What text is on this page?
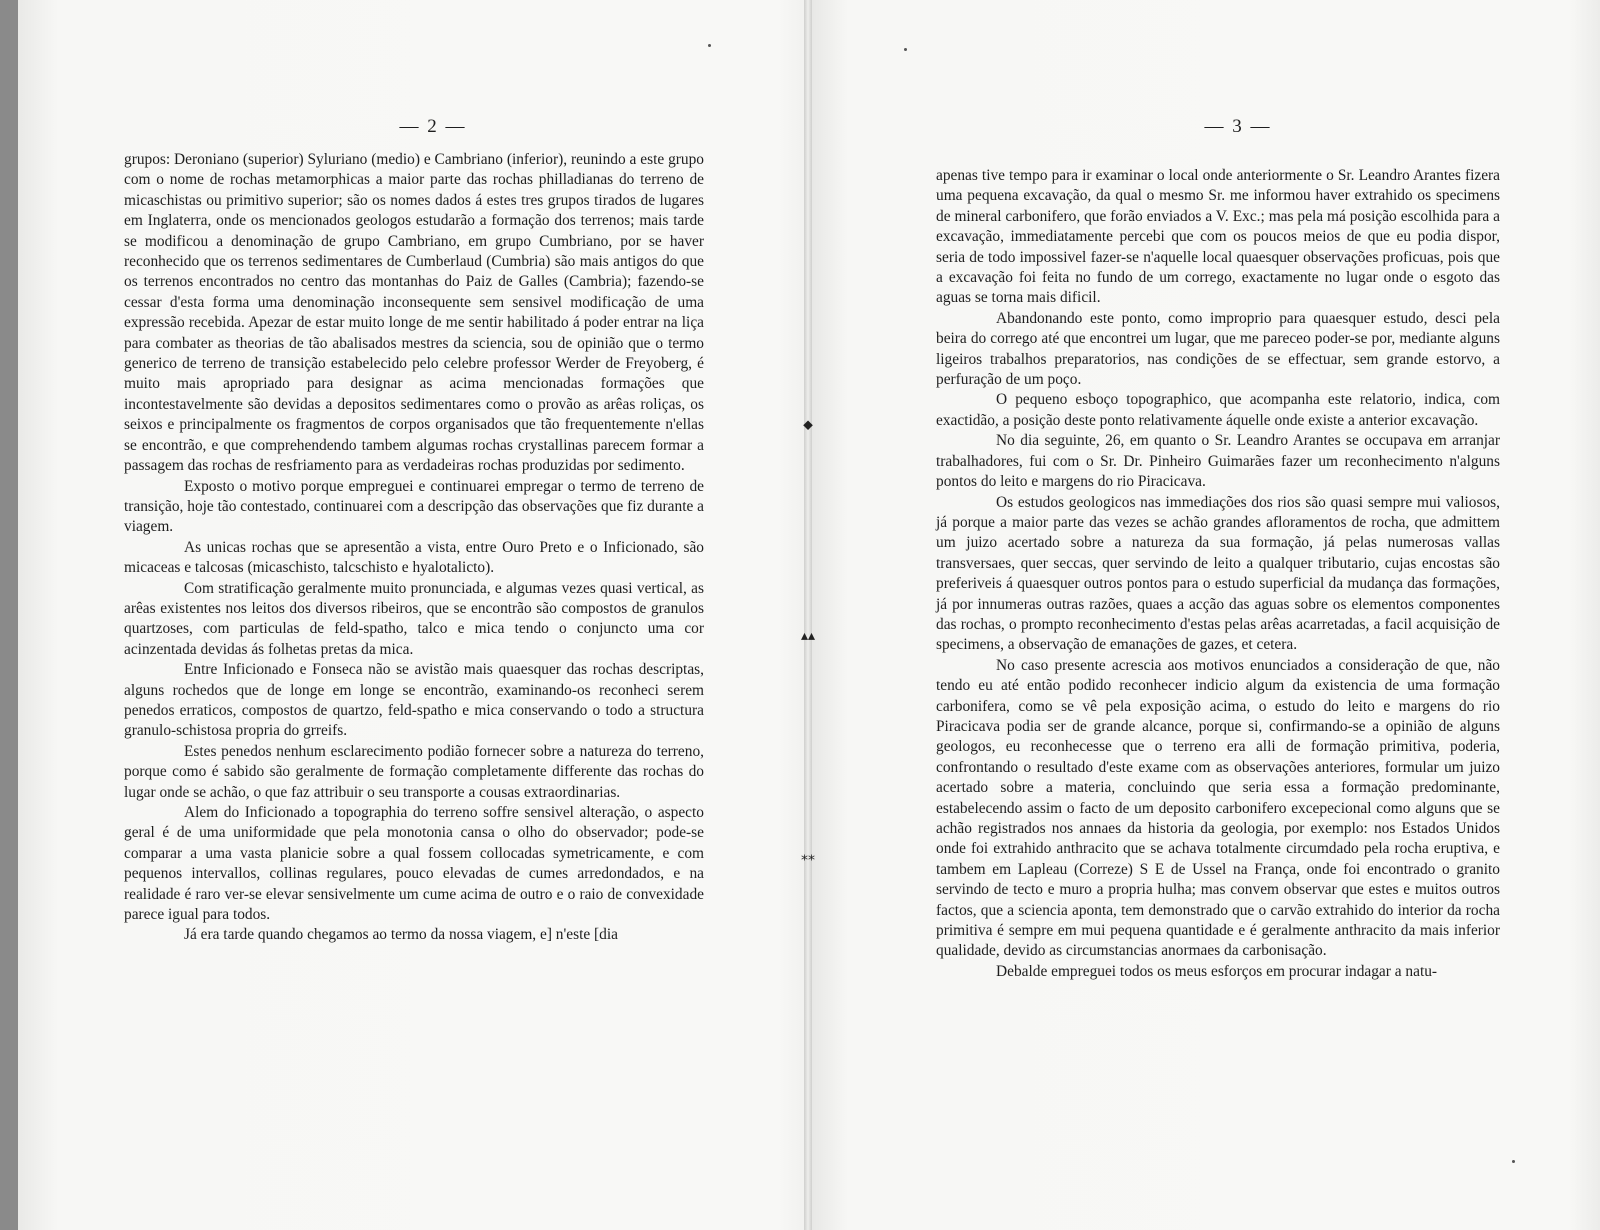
— 2 —

grupos: Deroniano (superior) Syluriano (medio) e Cambriano (inferior), reunindo a este grupo com o nome de rochas metamorphicas a maior parte das rochas philladianas do terreno de micaschistas ou primitivo superior; são os nomes dados á estes tres grupos tirados de lugares em Inglaterra, onde os mencionados geologos estudarão a formação dos terrenos; mais tarde se modificou a denominação de grupo Cambriano, em grupo Cumbriano, por se haver reconhecido que os terrenos sedimentares de Cumberlaud (Cumbria) são mais antigos do que os terrenos encontrados no centro das montanhas do Paiz de Galles (Cambria); fazendo-se cessar d'esta forma uma denominação inconsequente sem sensivel modificação de uma expressão recebida. Apezar de estar muito longe de me sentir habilitado á poder entrar na liça para combater as theorias de tão abalisados mestres da sciencia, sou de opinião que o termo generico de terreno de transição estabelecido pelo celebre professor Werder de Freyoberg, é muito mais apropriado para designar as acima mencionadas formações que incontestavelmente são devidas a depositos sedimentares como o provão as arêas roliças, os seixos e principalmente os fragmentos de corpos organisados que tão frequentemente n'ellas se encontrão, e que comprehendendo tambem algumas rochas crystallinas parecem formar a passagem das rochas de resfriamento para as verdadeiras rochas produzidas por sedimento.

Exposto o motivo porque empreguei e continuarei empregar o termo de terreno de transição, hoje tão contestado, continuarei com a descripção das observações que fiz durante a viagem.

As unicas rochas que se apresentão a vista, entre Ouro Preto e o Inficionado, são micaceas e talcosas (micaschisto, talcschisto e hyalotalicto).

Com stratificação geralmente muito pronunciada, e algumas vezes quasi vertical, as arêas existentes nos leitos dos diversos ribeiros, que se encontrão são compostos de granulos quartzoses, com particulas de feld-spatho, talco e mica tendo o conjuncto uma cor acinzentada devidas ás folhetas pretas da mica.

Entre Inficionado e Fonseca não se avistão mais quaesquer das rochas descriptas, alguns rochedos que de longe em longe se encontrão, examinando-os reconheci serem penedos erraticos, compostos de quartzo, feld-spatho e mica conservando o todo a structura granulo-schistosa propria do grreifs.

Estes penedos nenhum esclarecimento podião fornecer sobre a natureza do terreno, porque como é sabido são geralmente de formação completamente differente das rochas do lugar onde se achão, o que faz attribuir o seu transporte a cousas extraordinarias.

Alem do Inficionado a topographia do terreno soffre sensivel alteração, o aspecto geral é de uma uniformidade que pela monotonia cansa o olho do observador; pode-se comparar a uma vasta planicie sobre a qual fossem collocadas symetricamente, e com pequenos intervallos, collinas regulares, pouco elevadas de cumes arredondados, e na realidade é raro ver-se elevar sensivelmente um cume acima de outro e o raio de convexidade parece igual para todos.

Já era tarde quando chegamos ao termo da nossa viagem, e] n'este [dia

— 3 —

apenas tive tempo para ir examinar o local onde anteriormente o Sr. Leandro Arantes fizera uma pequena excavação, da qual o mesmo Sr. me informou haver extrahido os specimens de mineral carbonifero, que forão enviados a V. Exc.; mas pela má posição escolhida para a excavação, immediatamente percebi que com os poucos meios de que eu podia dispor, seria de todo impossivel fazer-se n'aquelle local quaesquer observações proficuas, pois que a excavação foi feita no fundo de um corrego, exactamente no lugar onde o esgoto das aguas se torna mais dificil.

Abandonando este ponto, como improprio para quaesquer estudo, desci pela beira do corrego até que encontrei um lugar, que me pareceo poder-se por, mediante alguns ligeiros trabalhos preparatorios, nas condições de se effectuar, sem grande estorvo, a perfuração de um poço.

O pequeno esboço topographico, que acompanha este relatorio, indica, com exactidão, a posição deste ponto relativamente áquelle onde existe a anterior excavação.

No dia seguinte, 26, em quanto o Sr. Leandro Arantes se occupava em arranjar trabalhadores, fui com o Sr. Dr. Pinheiro Guimarães fazer um reconhecimento n'alguns pontos do leito e margens do rio Piracicava.

Os estudos geologicos nas immediações dos rios são quasi sempre mui valiosos, já porque a maior parte das vezes se achão grandes afloramentos de rocha, que admittem um juizo acertado sobre a natureza da sua formação, já pelas numerosas vallas transversaes, quer seccas, quer servindo de leito a qualquer tributario, cujas encostas são preferiveis á quaesquer outros pontos para o estudo superficial da mudança das formações, já por innumeras outras razões, quaes a acção das aguas sobre os elementos componentes das rochas, o prompto reconhecimento d'estas pelas arêas acarretadas, a facil acquisição de specimens, a observação de emanações de gazes, et cetera.

No caso presente acrescia aos motivos enunciados a consideração de que, não tendo eu até então podido reconhecer indicio algum da existencia de uma formação carbonifera, como se vê pela exposição acima, o estudo do leito e margens do rio Piracicava podia ser de grande alcance, porque si, confirmando-se a opinião de alguns geologos, eu reconhecesse que o terreno era alli de formação primitiva, poderia, confrontando o resultado d'este exame com as observações anteriores, formular um juizo acertado sobre a materia, concluindo que seria essa a formação predominante, estabelecendo assim o facto de um deposito carbonifero excepecional como alguns que se achão registrados nos annaes da historia da geologia, por exemplo: nos Estados Unidos onde foi extrahido anthracito que se achava totalmente circumdado pela rocha eruptiva, e tambem em Lapleau (Correze) S E de Ussel na França, onde foi encontrado o granito servindo de tecto e muro a propria hulha; mas convem observar que estes e muitos outros factos, que a sciencia aponta, tem demonstrado que o carvão extrahido do interior da rocha primitiva é sempre em mui pequena quantidade e é geralmente anthracito da mais inferior qualidade, devido as circumstancias anormaes da carbonisação.

Debalde empreguei todos os meus esforços em procurar indagar a natu-

⬥
▴▴
⁎⁎
